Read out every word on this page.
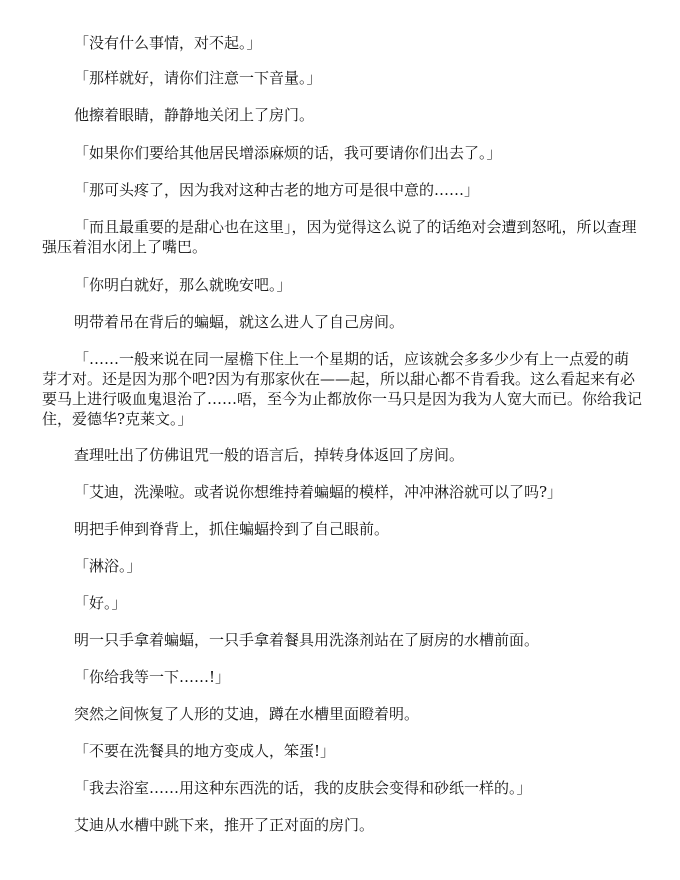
「没有什么事情，对不起。」

「那样就好，请你们注意一下音量。」

他擦着眼睛，静静地关闭上了房门。

「如果你们要给其他居民增添麻烦的话，我可要请你们出去了。」

「那可头疼了，因为我对这种古老的地方可是很中意的……」

「而且最重要的是甜心也在这里」，因为觉得这么说了的话绝对会遭到怒吼，所以查理强压着泪水闭上了嘴巴。

「你明白就好，那么就晚安吧。」

明带着吊在背后的蝙蝠，就这么进人了自己房间。

「……一般来说在同一屋檐下住上一个星期的话，应该就会多多少少有上一点爱的萌芽才对。还是因为那个吧?因为有那家伙在——起，所以甜心都不肯看我。这么看起来有必要马上进行吸血鬼退治了……唔，至今为止都放你一马只是因为我为人宽大而已。你给我记住，爱德华?克莱文。」

查理吐出了仿佛诅咒一般的语言后，掉转身体返回了房间。

「艾迪，洗澡啦。或者说你想维持着蝙蝠的模样，冲冲淋浴就可以了吗?」

明把手伸到脊背上，抓住蝙蝠拎到了自己眼前。

「淋浴。」

「好。」

明一只手拿着蝙蝠，一只手拿着餐具用洗涤剂站在了厨房的水槽前面。

「你给我等一下……!」

突然之间恢复了人形的艾迪，蹲在水槽里面瞪着明。

「不要在洗餐具的地方变成人，笨蛋!」

「我去浴室……用这种东西洗的话，我的皮肤会变得和砂纸一样的。」

艾迪从水槽中跳下来，推开了正对面的房门。
